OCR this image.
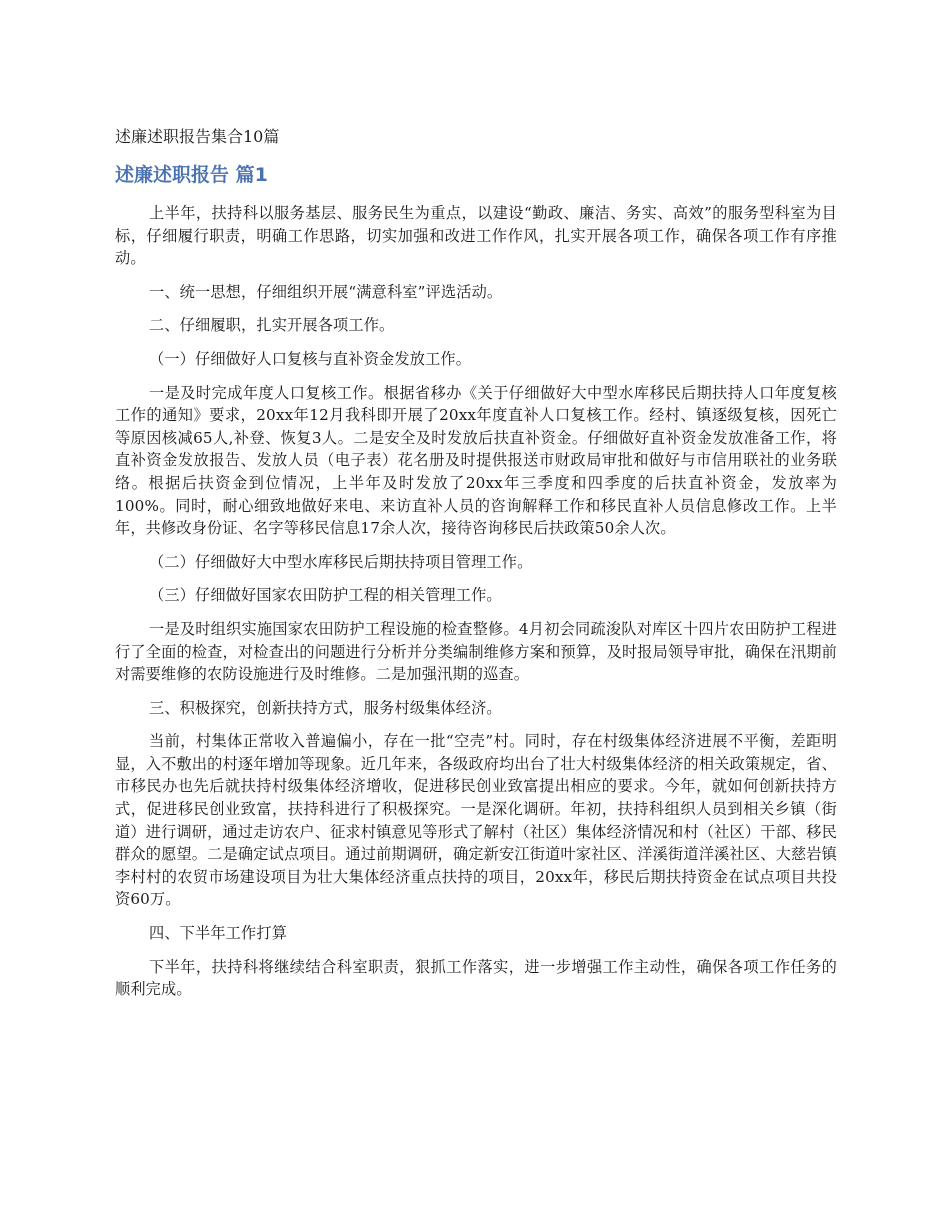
述廉述职报告集合10篇
述廉述职报告 篇1

上半年，扶持科以服务基层、服务民生为重点，以建设“勤政、廉洁、务实、高效”的服务型科室为目标，仔细履行职责，明确工作思路，切实加强和改进工作作风，扎实开展各项工作，确保各项工作有序推动。

一、统一思想，仔细组织开展“满意科室”评选活动。

二、仔细履职，扎实开展各项工作。

（一）仔细做好人口复核与直补资金发放工作。

一是及时完成年度人口复核工作。根据省移办《关于仔细做好大中型水库移民后期扶持人口年度复核工作的通知》要求，20xx年12月我科即开展了20xx年度直补人口复核工作。经村、镇逐级复核，因死亡等原因核减65人,补登、恢复3人。二是安全及时发放后扶直补资金。仔细做好直补资金发放准备工作，将直补资金发放报告、发放人员（电子表）花名册及时提供报送市财政局审批和做好与市信用联社的业务联络。根据后扶资金到位情况，上半年及时发放了20xx年三季度和四季度的后扶直补资金，发放率为100%。同时，耐心细致地做好来电、来访直补人员的咨询解释工作和移民直补人员信息修改工作。上半年，共修改身份证、名字等移民信息17余人次，接待咨询移民后扶政策50余人次。

（二）仔细做好大中型水库移民后期扶持项目管理工作。

（三）仔细做好国家农田防护工程的相关管理工作。

一是及时组织实施国家农田防护工程设施的检查整修。4月初会同疏浚队对库区十四片农田防护工程进行了全面的检查，对检查出的问题进行分析并分类编制维修方案和预算，及时报局领导审批，确保在汛期前对需要维修的农防设施进行及时维修。二是加强汛期的巡查。

三、积极探究，创新扶持方式，服务村级集体经济。

当前，村集体正常收入普遍偏小，存在一批“空壳”村。同时，存在村级集体经济进展不平衡，差距明显，入不敷出的村逐年增加等现象。近几年来，各级政府均出台了壮大村级集体经济的相关政策规定，省、市移民办也先后就扶持村级集体经济增收，促进移民创业致富提出相应的要求。今年，就如何创新扶持方式，促进移民创业致富，扶持科进行了积极探究。一是深化调研。年初，扶持科组织人员到相关乡镇（街道）进行调研，通过走访农户、征求村镇意见等形式了解村（社区）集体经济情况和村（社区）干部、移民群众的愿望。二是确定试点项目。通过前期调研，确定新安江街道叶家社区、洋溪街道洋溪社区、大慈岩镇李村村的农贸市场建设项目为壮大集体经济重点扶持的项目，20xx年，移民后期扶持资金在试点项目共投资60万。

四、下半年工作打算

下半年，扶持科将继续结合科室职责，狠抓工作落实，进一步增强工作主动性，确保各项工作任务的顺利完成。
